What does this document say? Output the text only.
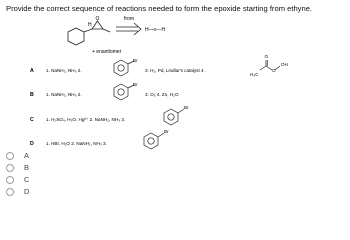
Provide the correct sequence of reactions needed to form the epoxide starting from ethyne.
H
O	from
H—≡—H
+ enantiomer
A	1. NaNH₂, NH₃ 2.
Br
3. H₂, Pd, Lindlar's catalyst 4.
H₃C
O
O
OH
B	1. NaNH₂, NH₃ 2.
Br
3. O₃ 4. Zn, H₂O
C	1. H₂SO₄, H₂O, Hg²⁺ 2. NaNH₂, NH₃ 3.
Br
D	1. HBr, H₂O 2. NaNH₂, NH₃ 3.
Br
A
B
C
D
